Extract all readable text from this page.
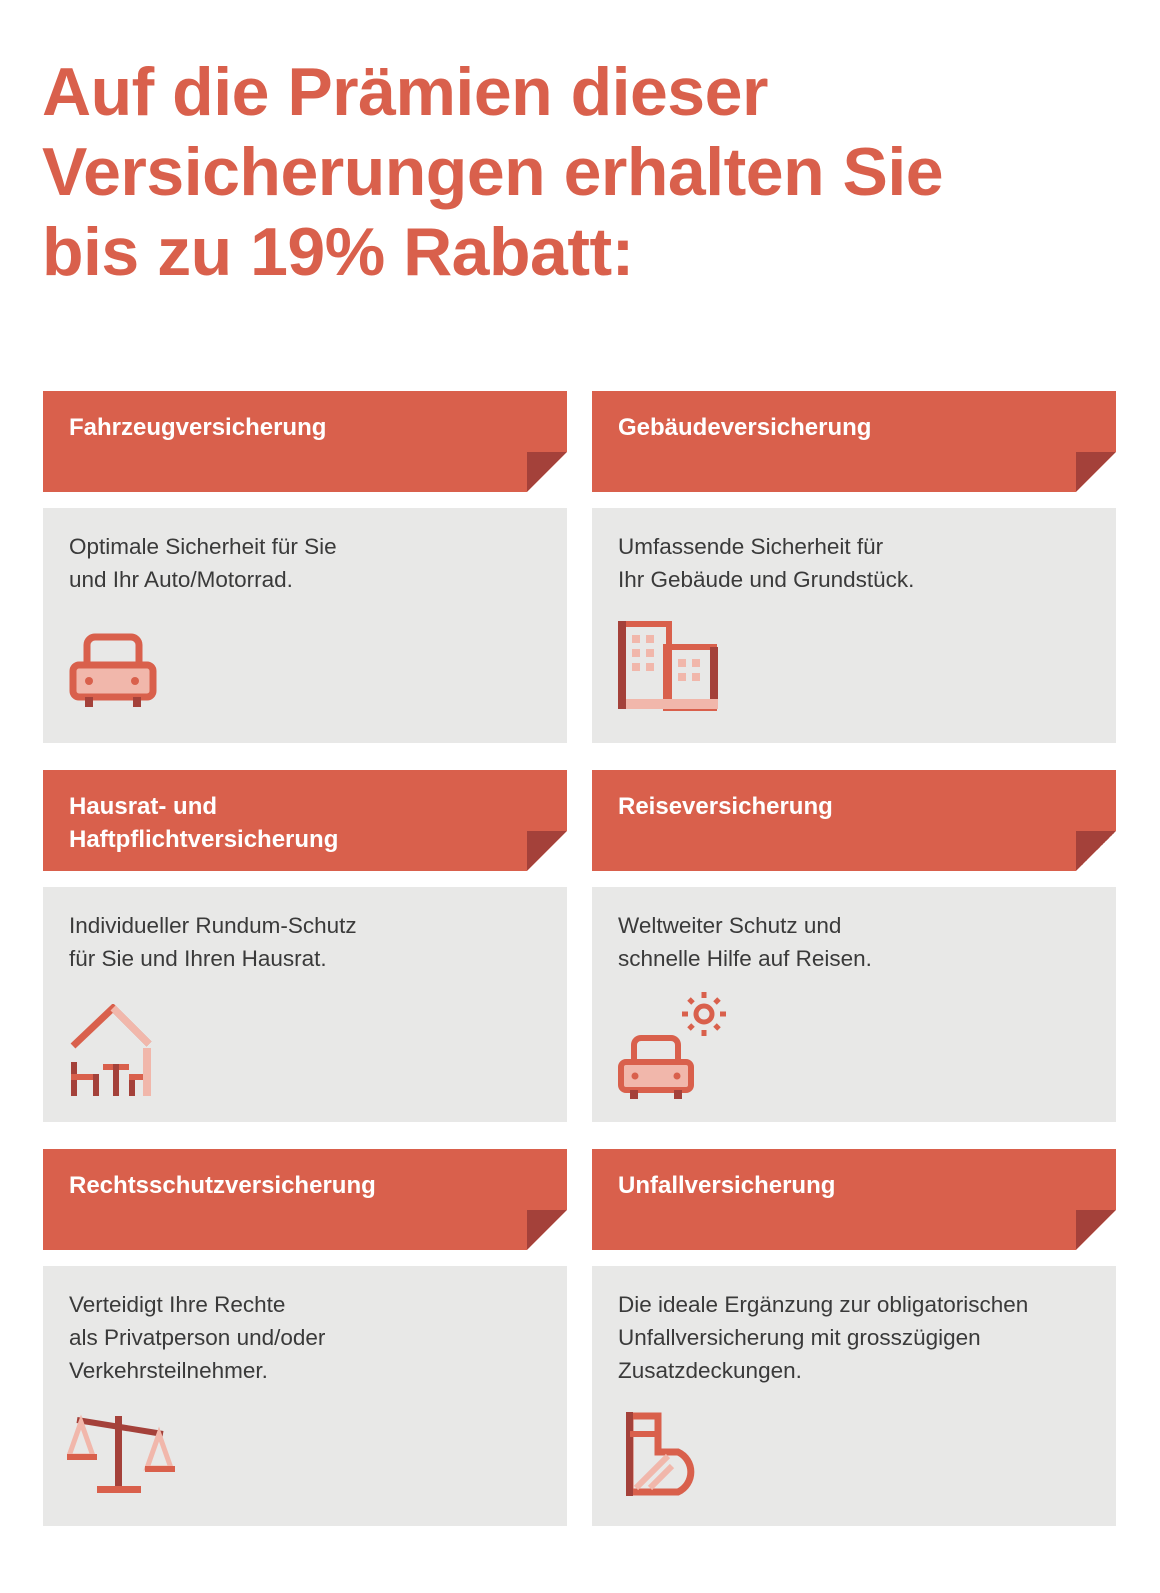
Auf die Prämien dieser
Versicherungen erhalten Sie
bis zu 19% Rabatt:
Fahrzeugversicherung
Optimale Sicherheit für Sie
und Ihr Auto/Motorrad.
Gebäudeversicherung
Umfassende Sicherheit für
Ihr Gebäude und Grundstück.
Hausrat- und
Haftpflichtversicherung
Individueller Rundum-Schutz
für Sie und Ihren Hausrat.
Reiseversicherung
Weltweiter Schutz und
schnelle Hilfe auf Reisen.
Rechtsschutzversicherung
Verteidigt Ihre Rechte
als Privatperson und/oder
Verkehrsteilnehmer.
Unfallversicherung
Die ideale Ergänzung zur obligatorischen
Unfallversicherung mit grosszügigen
Zusatzdeckungen.
